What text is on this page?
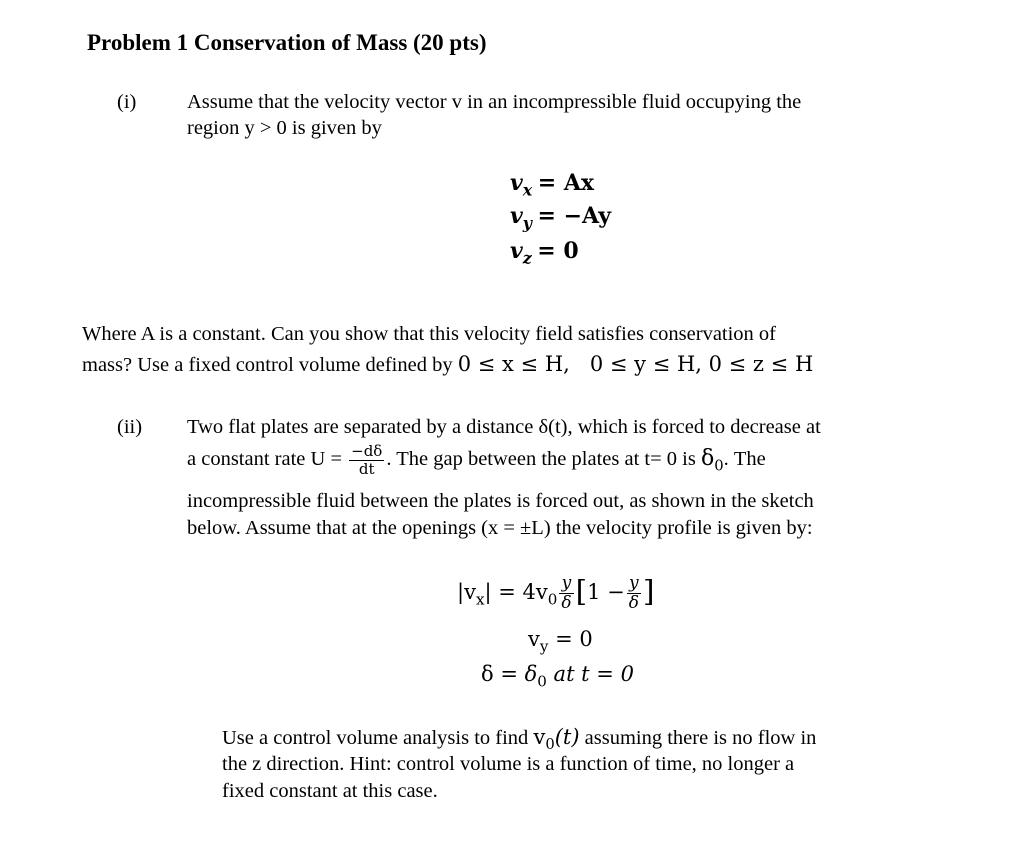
Problem 1 Conservation of Mass (20 pts)
(i) Assume that the velocity vector v in an incompressible fluid occupying the
region y > 0 is given by
$v_x = Ax$
$v_y = -Ay$
$v_z = 0$
Where A is a constant. Can you show that this velocity field satisfies conservation of
mass? Use a fixed control volume defined by 0 ≤ x ≤ H,   0 ≤ y ≤ H, 0 ≤ z ≤ H
(ii) Two flat plates are separated by a distance δ(t), which is forced to decrease at
a constant rate $U = \frac{-d\delta}{dt}$ . The gap between the plates at t= 0 is $\delta_0$. The
incompressible fluid between the plates is forced out, as shown in the sketch
below. Assume that at the openings (x = ±L) the velocity profile is given by:
$|v_x| = 4v_0 \frac{y}{\delta} [1 - \frac{y}{\delta}$ ]
$v_y = 0$
$\delta = \delta_0$ at t = 0
Use a control volume analysis to find $v_0(t)$ assuming there is no flow in
the z direction. Hint: control volume is a function of time, no longer a
fixed constant at this case.
